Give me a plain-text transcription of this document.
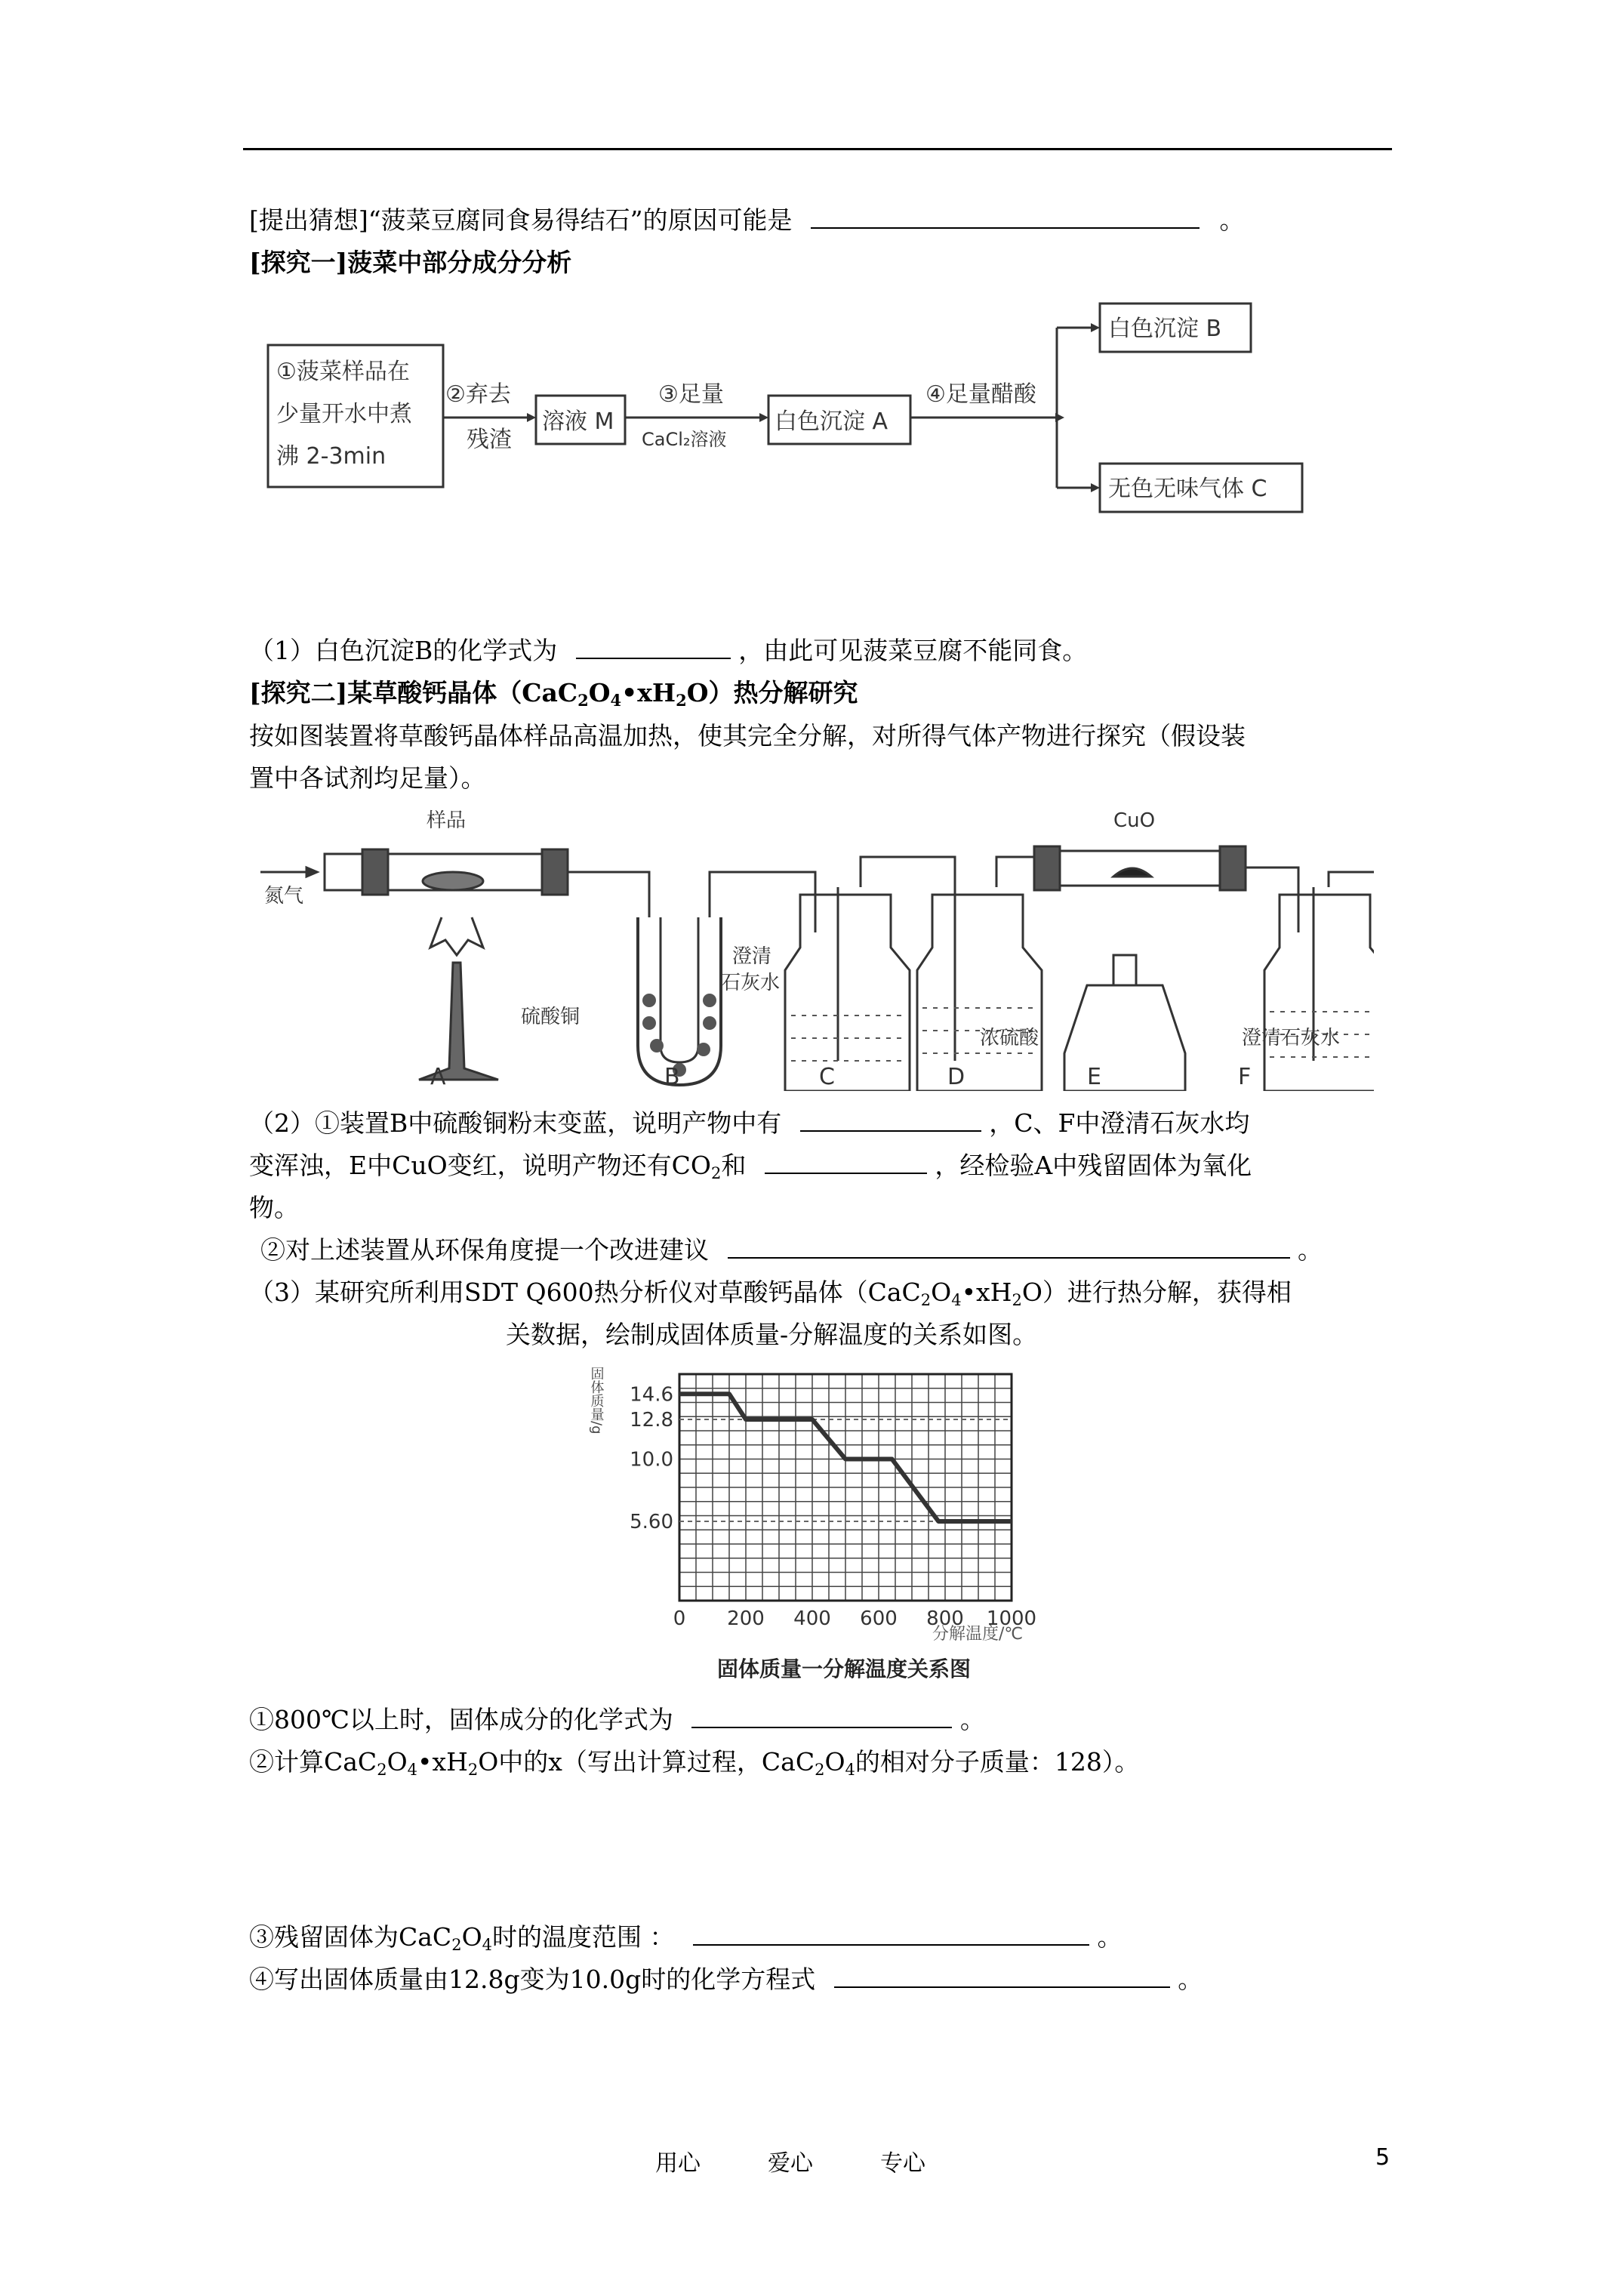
[提出猜想]“菠菜豆腐同食易得结石”的原因可能是	。
[探究一]菠菜中部分成分分析
①菠菜样品在
少量开水中煮
沸 2-3min
②弃去
残渣
溶液 M
③足量
CaCl₂溶液
白色沉淀 A
④足量醋酸
白色沉淀 B
无色无味气体 C
（1）白色沉淀B的化学式为	，由此可见菠菜豆腐不能同食。
[探究二]某草酸钙晶体$(CaC_2O_4•xH_2O)$热分解研究
按如图装置将草酸钙晶体样品高温加热，使其完全分解，对所得气体产物进行探究（假设装
置中各试剂均足量）。
样品
氮气
CuO
硫酸铜
澄清
石灰水
浓硫酸	澄清石灰水
A	B	C	D	E	F
（2）①装置B中硫酸铜粉末变蓝，说明产物中有	，C、F中澄清石灰水均
变浑浊，E中CuO变红，说明产物还有$CO_2$和	，经检验A中残留固体为氧化
物。
②对上述装置从环保角度提一个改进建议	。
（3）某研究所利用SDT Q600热分析仪对草酸钙晶体$(CaC_2O_4•xH_2O)$进行热分解，获得相
关数据，绘制成固体质量-分解温度的关系如图。
0 200 400 600 800 1000
14.6
12.8
10.0
5.60
固体质量/g
分解温度/℃
固体质量一分解温度关系图
①800℃以上时，固体成分的化学式为	。
②计算$CaC_2O_4•xH_2O$中的x（写出计算过程，$CaC_2O_4$的相对分子质量：128）。
③残留固体为$CaC_2O_4$时的温度范围 ：	。
④写出固体质量由12.8g变为10.0g时的化学方程式	。
用心	爱心	专心	5
